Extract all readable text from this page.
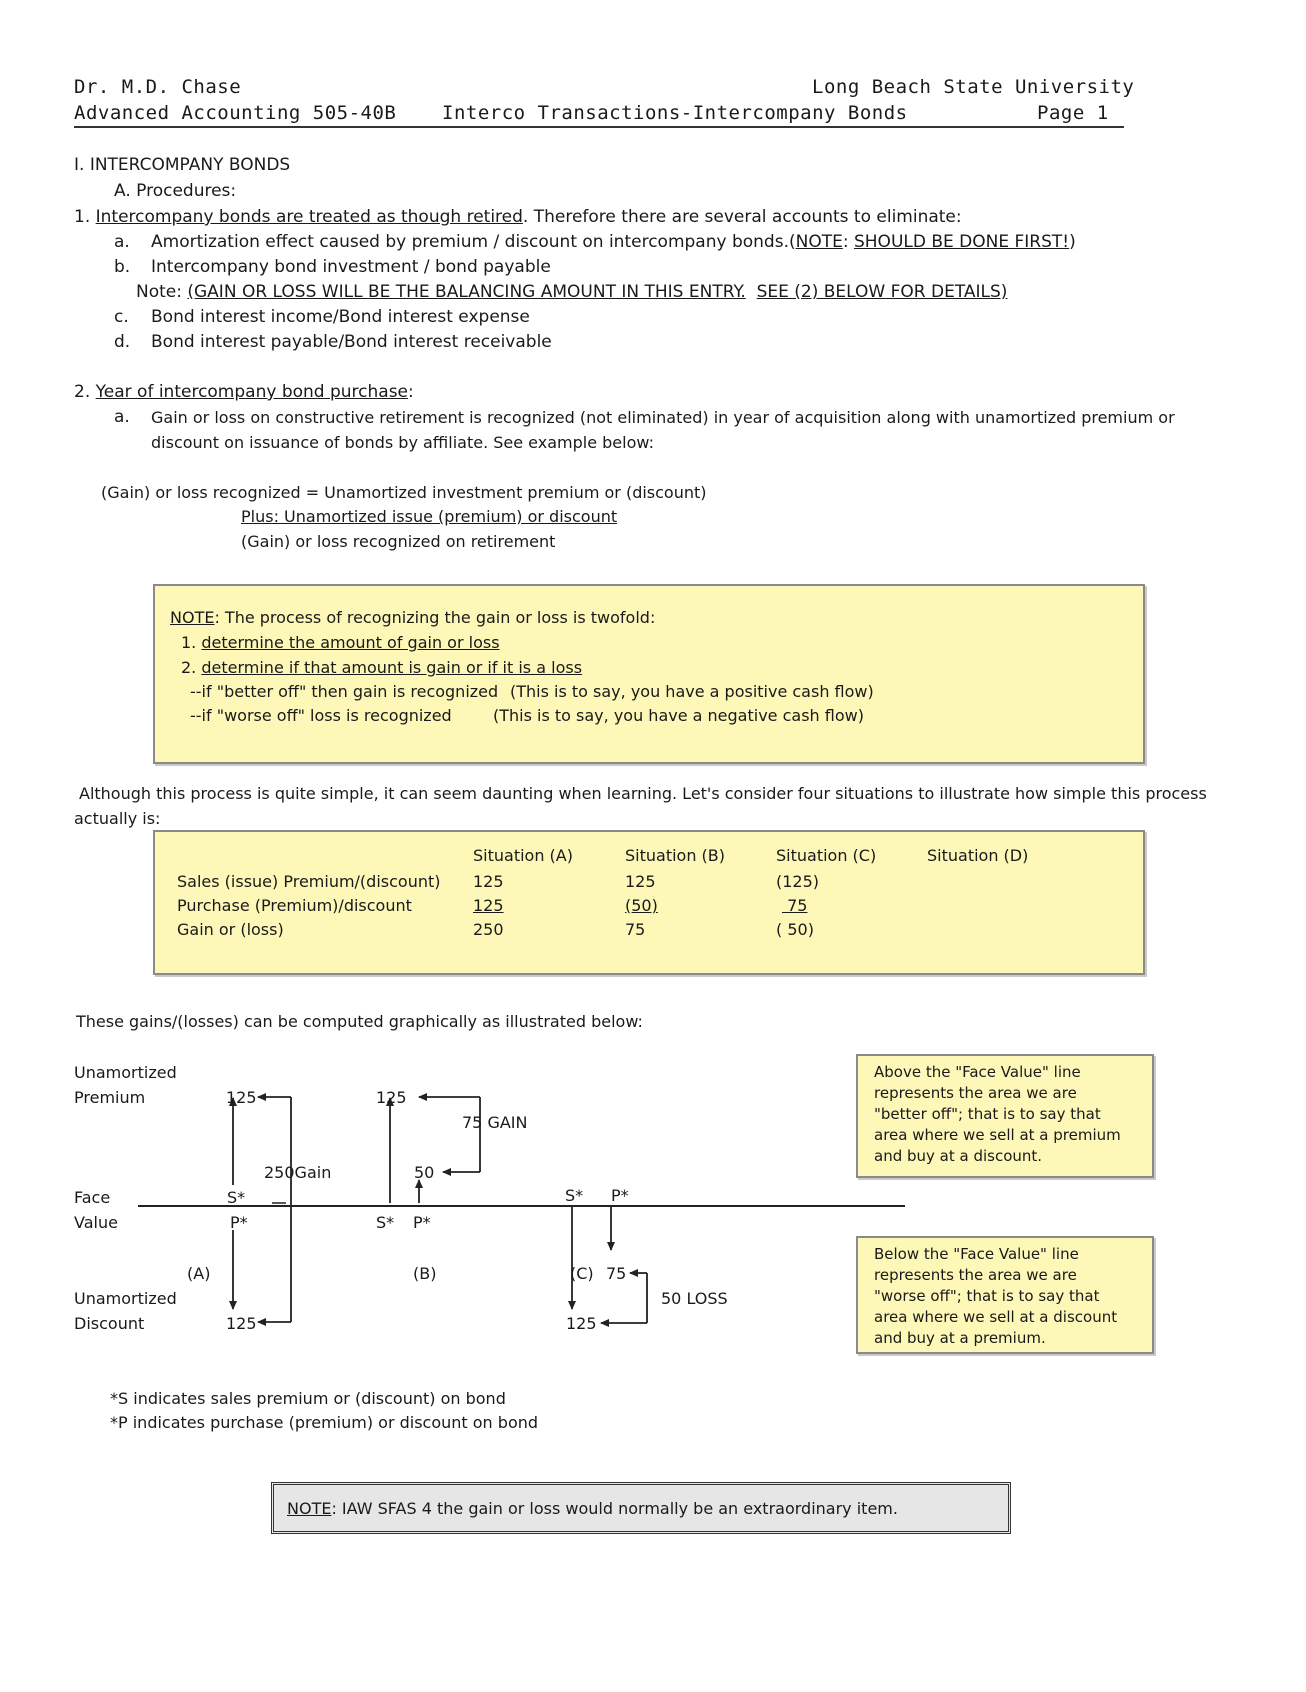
Dr. M.D. Chase	Long Beach State University
Advanced Accounting 505-40B Interco Transactions-Intercompany Bonds	Page 1
I. INTERCOMPANY BONDS
A. Procedures:
1. Intercompany bonds are treated as though retired. Therefore there are several accounts to eliminate:
a. Amortization effect caused by premium / discount on intercompany bonds.(NOTE: SHOULD BE DONE FIRST!)
b. Intercompany bond investment / bond payable
Note: (GAIN OR LOSS WILL BE THE BALANCING AMOUNT IN THIS ENTRY. SEE (2) BELOW FOR DETAILS)
c. Bond interest income/Bond interest expense
d. Bond interest payable/Bond interest receivable
2. Year of intercompany bond purchase:
a. Gain or loss on constructive retirement is recognized (not eliminated) in year of acquisition along with unamortized premium or
discount on issuance of bonds by affiliate. See example below:
(Gain) or loss recognized = Unamortized investment premium or (discount)
Plus: Unamortized issue (premium) or discount
(Gain) or loss recognized on retirement
NOTE: The process of recognizing the gain or loss is twofold:
1. determine the amount of gain or loss
2. determine if that amount is gain or if it is a loss
--if "better off" then gain is recognized (This is to say, you have a positive cash flow)
--if "worse off" loss is recognized	(This is to say, you have a negative cash flow)
Although this process is quite simple, it can seem daunting when learning. Let's consider four situations to illustrate how simple this process
actually is:
Situation (A)	Situation (B)	Situation (C)	Situation (D)
Sales (issue) Premium/(discount) 125	125	(125)
Purchase (Premium)/discount	125	(50)	75
Gain or (loss)	250	75	( 50)
These gains/(losses) can be computed graphically as illustrated below:
Unamortized
Premium
Face
Value
Unamortized
Discount
125
250Gain
S*
P*
(A)
125
125
75 GAIN
50
S* P*
(B)
S* P*
(C) 75
50 LOSS
125
Above the "Face Value" line
represents the area we are
"better off"; that is to say that
area where we sell at a premium
and buy at a discount.
Below the "Face Value" line
represents the area we are
"worse off"; that is to say that
area where we sell at a discount
and buy at a premium.
*S indicates sales premium or (discount) on bond
*P indicates purchase (premium) or discount on bond
NOTE: IAW SFAS 4 the gain or loss would normally be an extraordinary item.
